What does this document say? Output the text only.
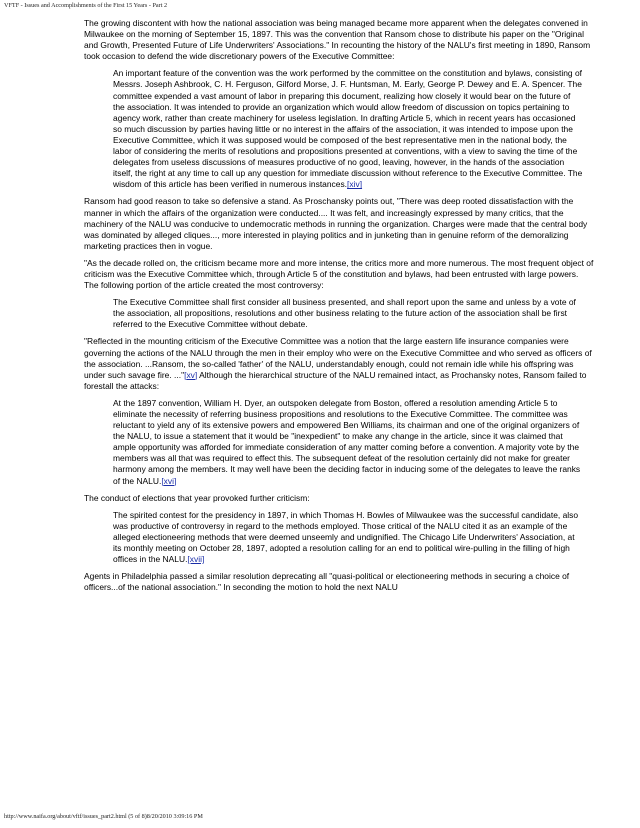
VFTF - Issues and Accomplishments of the First 15 Years - Part 2

The growing discontent with how the national association was being managed became more apparent when the delegates convened in Milwaukee on the morning of September 15, 1897. This was the convention that Ransom chose to distribute his paper on the "Original and Growth, Presented Future of Life Underwriters' Associations." In recounting the history of the NALU's first meeting in 1890, Ransom took occasion to defend the wide discretionary powers of the Executive Committee:

An important feature of the convention was the work performed by the committee on the constitution and bylaws, consisting of Messrs. Joseph Ashbrook, C. H. Ferguson, Gilford Morse, J. F. Huntsman, M. Early, George P. Dewey and E. A. Spencer. The committee expended a vast amount of labor in preparing this document, realizing how closely it would bear on the future of the association. It was intended to provide an organization which would allow freedom of discussion on topics pertaining to agency work, rather than create machinery for useless legislation. In drafting Article 5, which in recent years has occasioned so much discussion by parties having little or no interest in the affairs of the association, it was intended to impose upon the Executive Committee, which it was supposed would be composed of the best representative men in the national body, the labor of considering the merits of resolutions and propositions presented at conventions, with a view to saving the time of the delegates from useless discussions of measures productive of no good, leaving, however, in the hands of the association itself, the right at any time to call up any question for immediate discussion without reference to the Executive Committee. The wisdom of this article has been verified in numerous instances.[xiv]

Ransom had good reason to take so defensive a stand. As Proschansky points out, "There was deep rooted dissatisfaction with the manner in which the affairs of the organization were conducted.... It was felt, and increasingly expressed by many critics, that the machinery of the NALU was conducive to undemocratic methods in running the organization. Charges were made that the central body was dominated by alleged cliques..., more interested in playing politics and in junketing than in genuine reform of the demoralizing marketing practices then in vogue.

"As the decade rolled on, the criticism became more and more intense, the critics more and more numerous. The most frequent object of criticism was the Executive Committee which, through Article 5 of the constitution and bylaws, had been entrusted with large powers. The following portion of the article created the most controversy:

The Executive Committee shall first consider all business presented, and shall report upon the same and unless by a vote of the association, all propositions, resolutions and other business relating to the future action of the association shall be first referred to the Executive Committee without debate.

"Reflected in the mounting criticism of the Executive Committee was a notion that the large eastern life insurance companies were governing the actions of the NALU through the men in their employ who were on the Executive Committee and who served as officers of the association. ...Ransom, the so-called 'father' of the NALU, understandably enough, could not remain idle while his offspring was under such savage fire. ..."[xv] Although the hierarchical structure of the NALU remained intact, as Prochansky notes, Ransom failed to forestall the attacks:

At the 1897 convention, William H. Dyer, an outspoken delegate from Boston, offered a resolution amending Article 5 to eliminate the necessity of referring business propositions and resolutions to the Executive Committee. The committee was reluctant to yield any of its extensive powers and empowered Ben Williams, its chairman and one of the original organizers of the NALU, to issue a statement that it would be "inexpedient" to make any change in the article, since it was claimed that ample opportunity was afforded for immediate consideration of any matter coming before a convention. A majority vote by the members was all that was required to effect this. The subsequent defeat of the resolution certainly did not make for greater harmony among the members. It may well have been the deciding factor in inducing some of the delegates to leave the ranks of the NALU.[xvi]

The conduct of elections that year provoked further criticism:

The spirited contest for the presidency in 1897, in which Thomas H. Bowles of Milwaukee was the successful candidate, also was productive of controversy in regard to the methods employed. Those critical of the NALU cited it as an example of the alleged electioneering methods that were deemed unseemly and undignified. The Chicago Life Underwriters' Association, at its monthly meeting on October 28, 1897, adopted a resolution calling for an end to political wire-pulling in the filling of high offices in the NALU.[xvii]

Agents in Philadelphia passed a similar resolution deprecating all "quasi-political or electioneering methods in securing a choice of officers...of the national association." In seconding the motion to hold the next NALU

http://www.naifa.org/about/vftf/issues_part2.html (5 of 8)8/20/2010 3:09:16 PM
